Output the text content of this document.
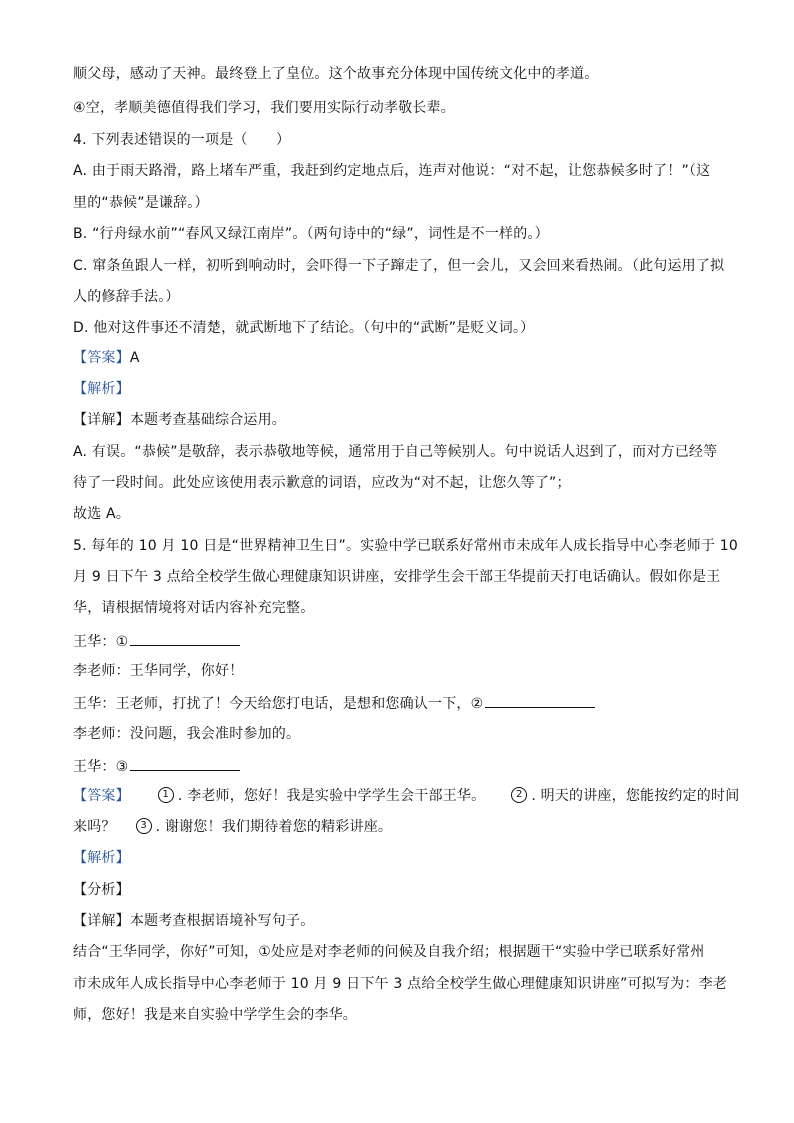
顺父母，感动了天神。最终登上了皇位。这个故事充分体现中国传统文化中的孝道。
④空，孝顺美德值得我们学习，我们要用实际行动孝敬长辈。
4. 下列表述错误的一项是（　　）
A. 由于雨天路滑，路上堵车严重，我赶到约定地点后，连声对他说：“对不起，让您恭候多时了！”（这
里的“恭候”是谦辞。）
B. “行舟绿水前”“春风又绿江南岸”。（两句诗中的“绿”，词性是不一样的。）
C. 窜条鱼跟人一样，初听到响动时，会吓得一下子蹿走了，但一会儿，又会回来看热闹。（此句运用了拟
人的修辞手法。）
D. 他对这件事还不清楚，就武断地下了结论。（句中的“武断”是贬义词。）
【答案】A
【解析】
【详解】本题考查基础综合运用。
A. 有误。“恭候”是敬辞，表示恭敬地等候，通常用于自己等候别人。句中说话人迟到了，而对方已经等
待了一段时间。此处应该使用表示歉意的词语，应改为“对不起，让您久等了”；
故选 A。
5. 每年的 10 月 10 日是“世界精神卫生日”。实验中学已联系好常州市未成年人成长指导中心李老师于 10
月 9 日下午 3 点给全校学生做心理健康知识讲座，安排学生会干部王华提前天打电话确认。假如你是王
华，请根据情境将对话内容补充完整。
王华：①
李老师：王华同学，你好！
王华：王老师，打扰了！今天给您打电话，是想和您确认一下，②
李老师：没问题，我会准时参加的。
王华：③
【答案】	1 . 李老师，您好！我是实验中学学生会干部王华。	2 . 明天的讲座，您能按约定的时间
来吗？ 3 . 谢谢您！我们期待着您的精彩讲座。
【解析】
【分析】
【详解】本题考查根据语境补写句子。
结合“王华同学，你好”可知，①处应是对李老师的问候及自我介绍；根据题干“实验中学已联系好常州
市未成年人成长指导中心李老师于 10 月 9 日下午 3 点给全校学生做心理健康知识讲座”可拟写为：李老
师，您好！我是来自实验中学学生会的李华。
